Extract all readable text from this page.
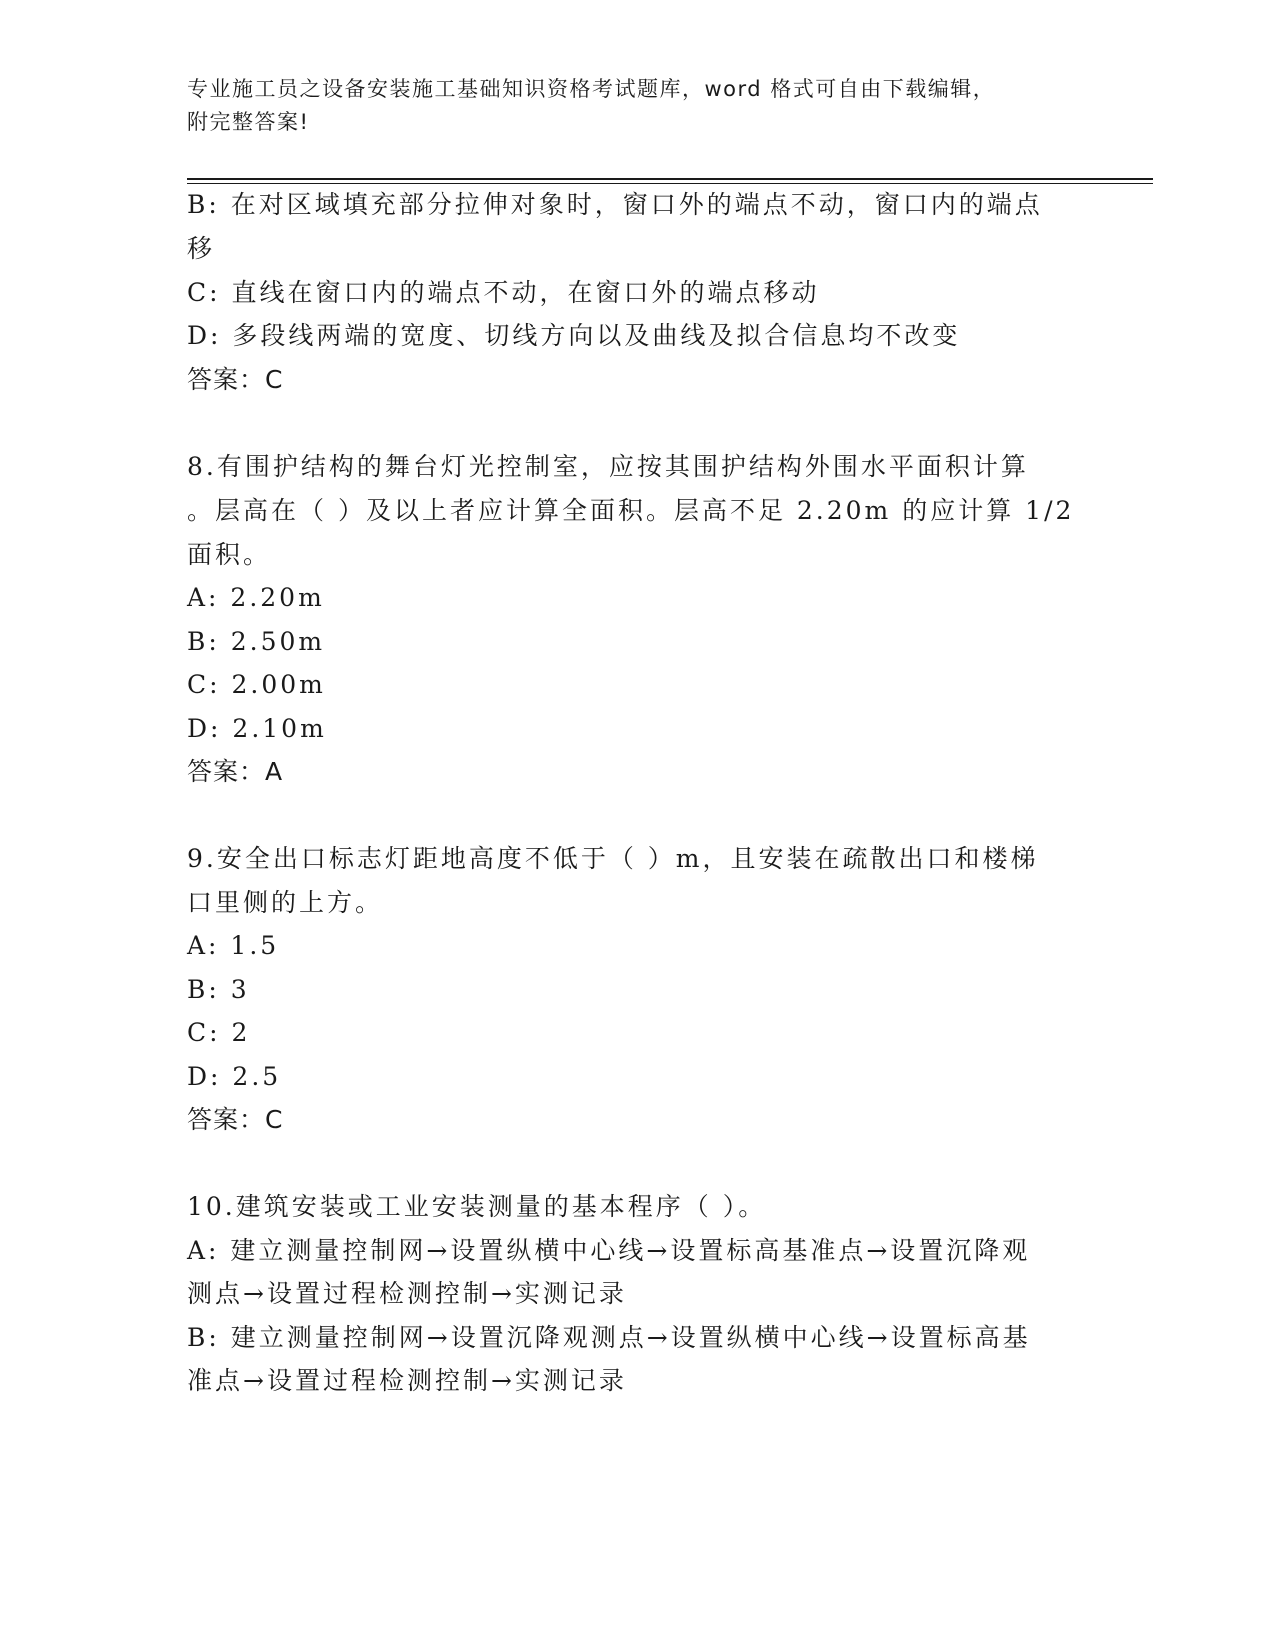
专业施工员之设备安装施工基础知识资格考试题库，word 格式可自由下载编辑，
附完整答案!
B: 在对区域填充部分拉伸对象时，窗口外的端点不动，窗口内的端点
移
C: 直线在窗口内的端点不动，在窗口外的端点移动
D: 多段线两端的宽度、切线方向以及曲线及拟合信息均不改变
答案：C
8.有围护结构的舞台灯光控制室，应按其围护结构外围水平面积计算
。层高在（ ）及以上者应计算全面积。层高不足 2.20m 的应计算 1/2
面积。
A: 2.20m
B: 2.50m
C: 2.00m
D: 2.10m
答案：A
9.安全出口标志灯距地高度不低于（ ）m，且安装在疏散出口和楼梯
口里侧的上方。
A: 1.5
B: 3
C: 2
D: 2.5
答案：C
10.建筑安装或工业安装测量的基本程序（ ）。
A: 建立测量控制网→设置纵横中心线→设置标高基准点→设置沉降观
测点→设置过程检测控制→实测记录
B: 建立测量控制网→设置沉降观测点→设置纵横中心线→设置标高基
准点→设置过程检测控制→实测记录
